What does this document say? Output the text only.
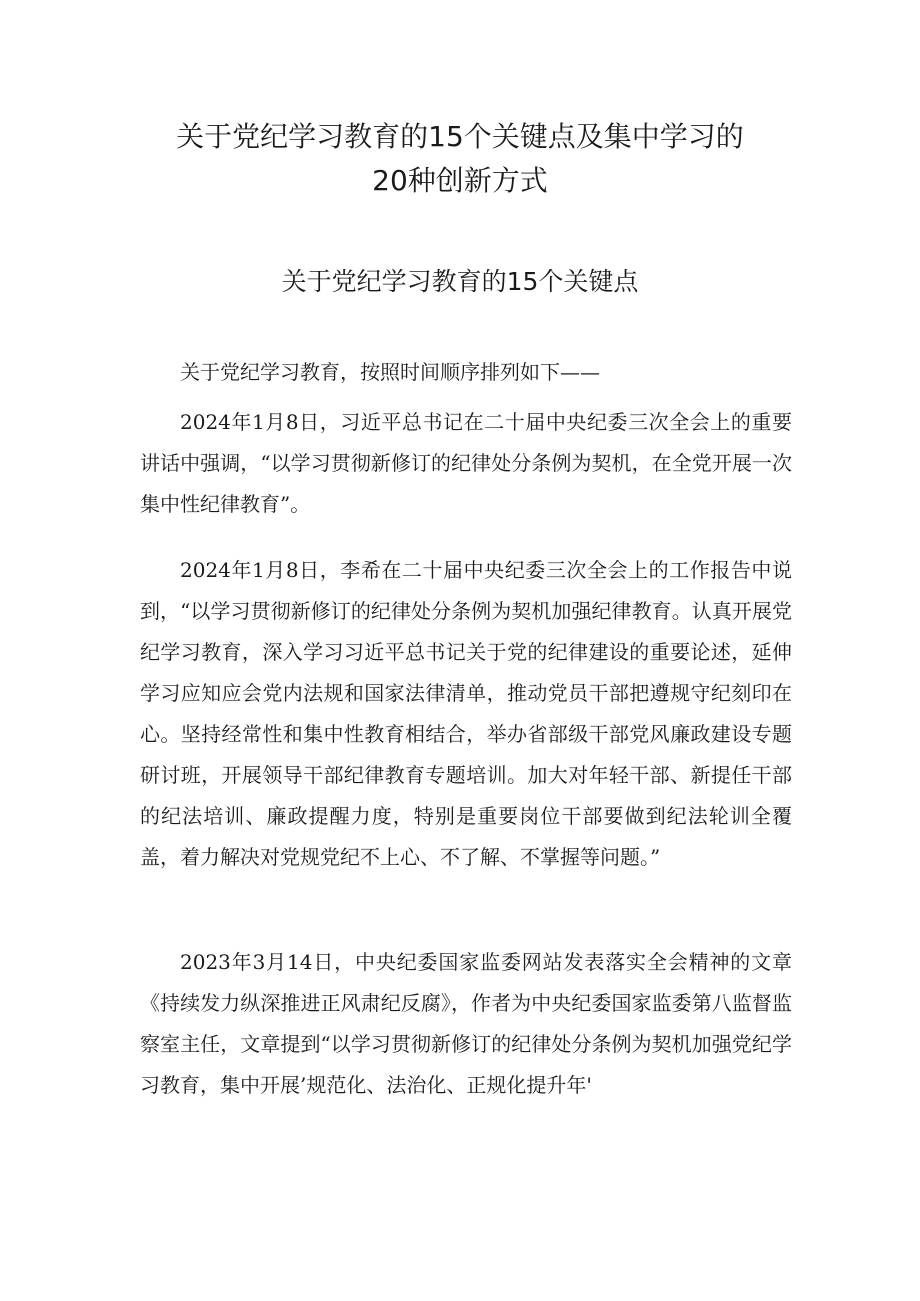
关于党纪学习教育的15个关键点及集中学习的
20种创新方式
关于党纪学习教育的15个关键点

关于党纪学习教育，按照时间顺序排列如下——

2024年1月8日，习近平总书记在二十届中央纪委三次全会上的重要讲话中强调，“以学习贯彻新修订的纪律处分条例为契机，在全党开展一次集中性纪律教育”。

2024年1月8日，李希在二十届中央纪委三次全会上的工作报告中说到，“以学习贯彻新修订的纪律处分条例为契机加强纪律教育。认真开展党纪学习教育，深入学习习近平总书记关于党的纪律建设的重要论述，延伸学习应知应会党内法规和国家法律清单，推动党员干部把遵规守纪刻印在心。坚持经常性和集中性教育相结合，举办省部级干部党风廉政建设专题研讨班，开展领导干部纪律教育专题培训。加大对年轻干部、新提任干部的纪法培训、廉政提醒力度，特别是重要岗位干部要做到纪法轮训全覆盖，着力解决对党规党纪不上心、不了解、不掌握等问题。”

2023年3月14日，中央纪委国家监委网站发表落实全会精神的文章《持续发力纵深推进正风肃纪反腐》，作者为中央纪委国家监委第八监督监察室主任，文章提到“以学习贯彻新修订的纪律处分条例为契机加强党纪学习教育，集中开展’规范化、法治化、正规化提升年'
